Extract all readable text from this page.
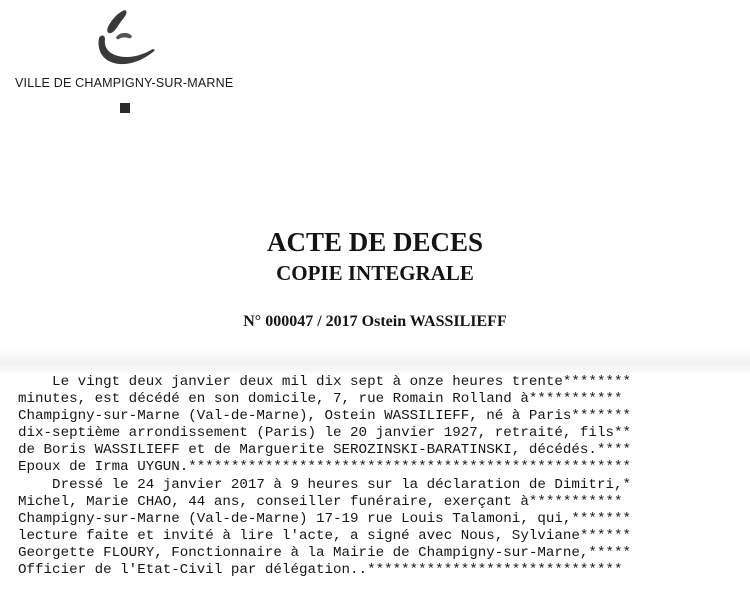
VILLE DE CHAMPIGNY-SUR-MARNE
ACTE DE DECES
COPIE INTEGRALE
N° 000047 / 2017 Ostein WASSILIEFF
Le vingt deux janvier deux mil dix sept à onze heures trente********
minutes, est décédé en son domicile, 7, rue Romain Rolland à***********
Champigny-sur-Marne (Val-de-Marne), Ostein WASSILIEFF, né à Paris*******
dix-septième arrondissement (Paris) le 20 janvier 1927, retraité, fils**
de Boris WASSILIEFF et de Marguerite SEROZINSKI-BARATINSKI, décédés.****
Epoux de Irma UYGUN.****************************************************
Dressé le 24 janvier 2017 à 9 heures sur la déclaration de Dimitri,*
Michel, Marie CHAO, 44 ans, conseiller funéraire, exerçant à***********
Champigny-sur-Marne (Val-de-Marne) 17-19 rue Louis Talamoni, qui,*******
lecture faite et invité à lire l'acte, a signé avec Nous, Sylviane******
Georgette FLOURY, Fonctionnaire à la Mairie de Champigny-sur-Marne,*****
Officier de l'Etat-Civil par délégation..******************************
